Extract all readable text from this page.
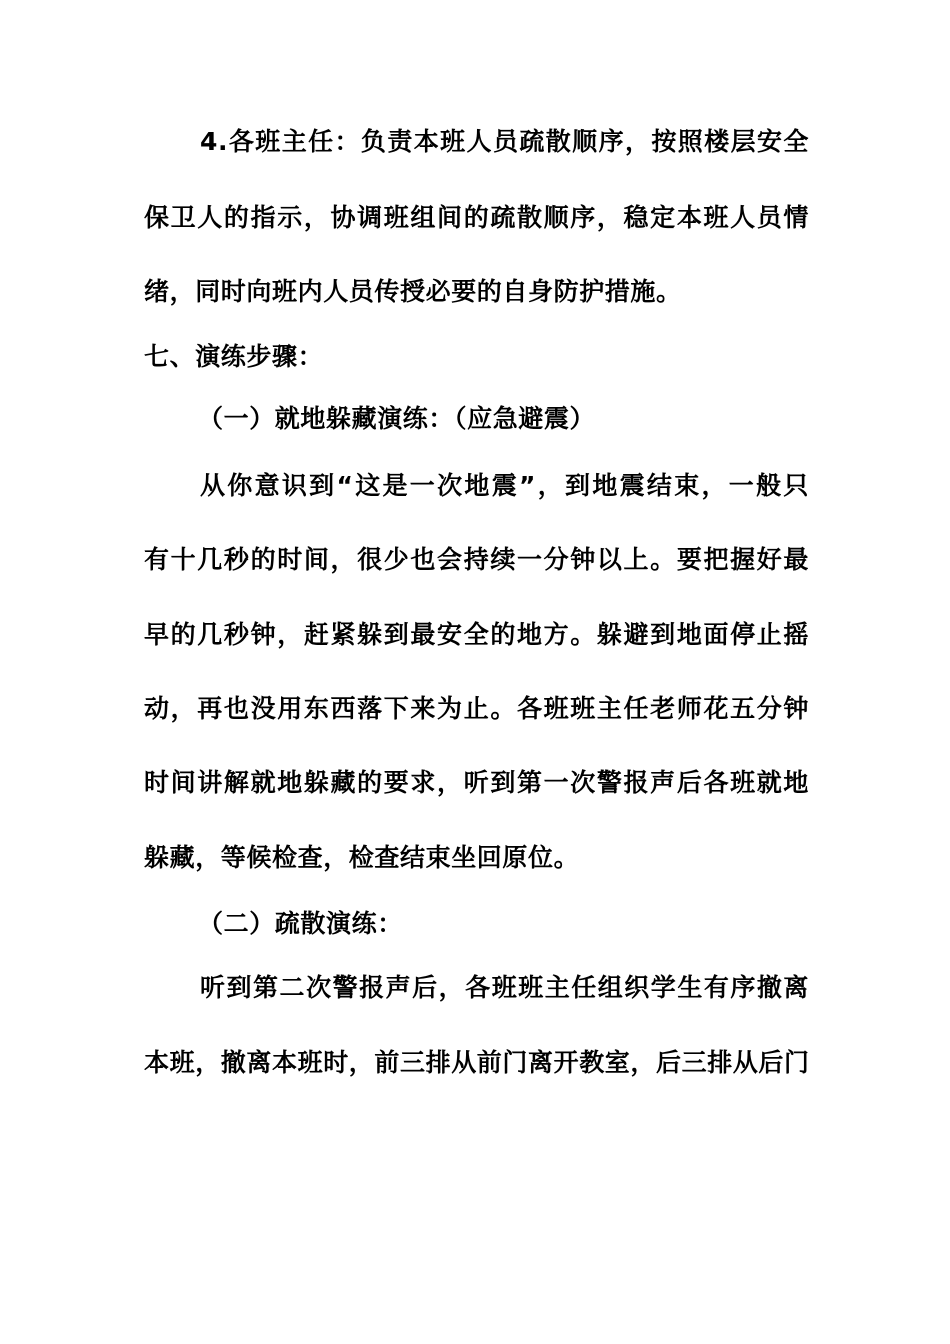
4.各班主任：负责本班人员疏散顺序，按照楼层安全
保卫人的指示，协调班组间的疏散顺序，稳定本班人员情
绪，同时向班内人员传授必要的自身防护措施。
七、演练步骤：
（一）就地躲藏演练：（应急避震）
从你意识到“这是一次地震”，到地震结束，一般只
有十几秒的时间，很少也会持续一分钟以上。要把握好最
早的几秒钟，赶紧躲到最安全的地方。躲避到地面停止摇
动，再也没用东西落下来为止。各班班主任老师花五分钟
时间讲解就地躲藏的要求，听到第一次警报声后各班就地
躲藏，等候检查，检查结束坐回原位。
（二）疏散演练：
听到第二次警报声后，各班班主任组织学生有序撤离
本班，撤离本班时，前三排从前门离开教室，后三排从后门
